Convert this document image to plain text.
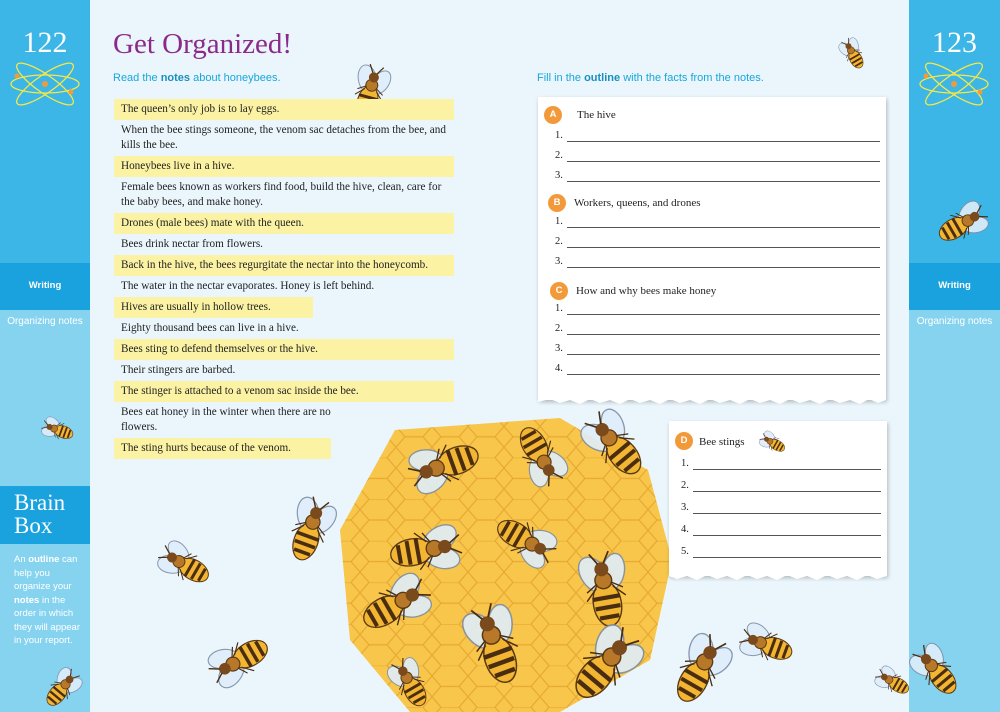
122
Writing
Organizing notes
Brain
Box
An outline can help you organize your notes in the order in which they will appear in your report.
123
Writing
Organizing notes
Get Organized!
Read the notes about honeybees.	Fill in the outline with the facts from the notes.
The queen’s only job is to lay eggs.
When the bee stings someone, the venom sac detaches from the bee, and kills the bee.
Honeybees live in a hive.
Female bees known as workers find food, build the hive, clean, care for the baby bees, and make honey.
Drones (male bees) mate with the queen.
Bees drink nectar from flowers.
Back in the hive, the bees regurgitate the nectar into the honeycomb.
The water in the nectar evaporates. Honey is left behind.
Hives are usually in hollow trees.
Eighty thousand bees can live in a hive.
Bees sting to defend themselves or the hive.
Their stingers are barbed.
The stinger is attached to a venom sac inside the bee.
Bees eat honey in the winter when there are no flowers.
The sting hurts because of the venom.
A	The hive
1.
2.
3.
B	Workers, queens, and drones
1.
2.
3.
C	How and why bees make honey
1.
2.
3.
4.
D	Bee stings
1.
2.
3.
4.
5.
